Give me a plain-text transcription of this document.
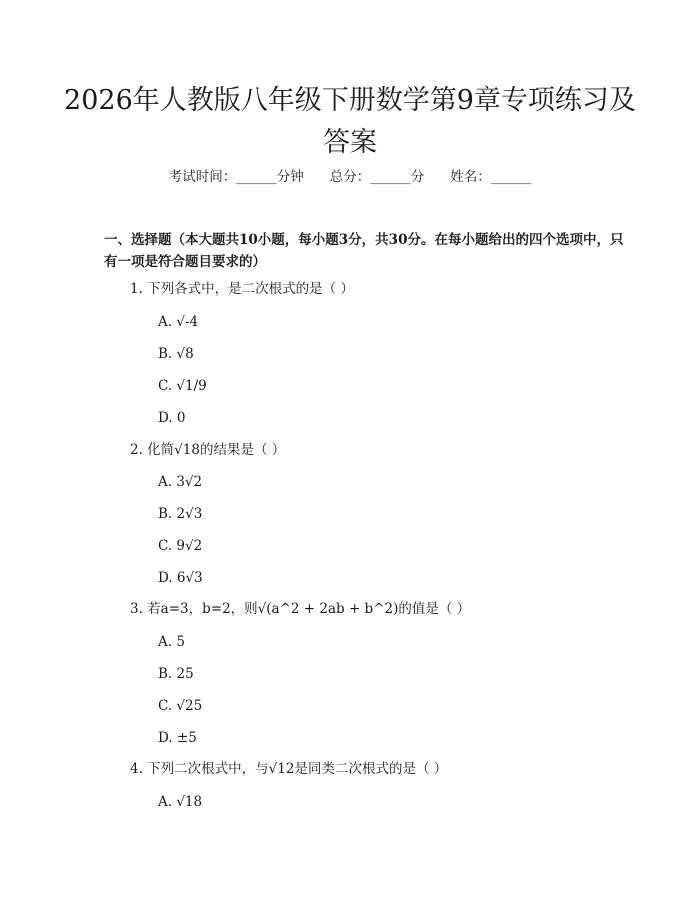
2026年人教版八年级下册数学第9章专项练习及答案
考试时间：______分钟 总分：______分 姓名：______
一、选择题（本大题共10小题，每小题3分，共30分。在每小题给出的四个选项中，只有一项是符合题目要求的）
1. 下列各式中，是二次根式的是（ ）
A. √-4
B. √8
C. √1/9
D. 0
2. 化简√18的结果是（ ）
A. 3√2
B. 2√3
C. 9√2
D. 6√3
3. 若a=3，b=2，则√(a^2 + 2ab + b^2)的值是（ ）
A. 5
B. 25
C. √25
D. ±5
4. 下列二次根式中，与√12是同类二次根式的是（ ）
A. √18
